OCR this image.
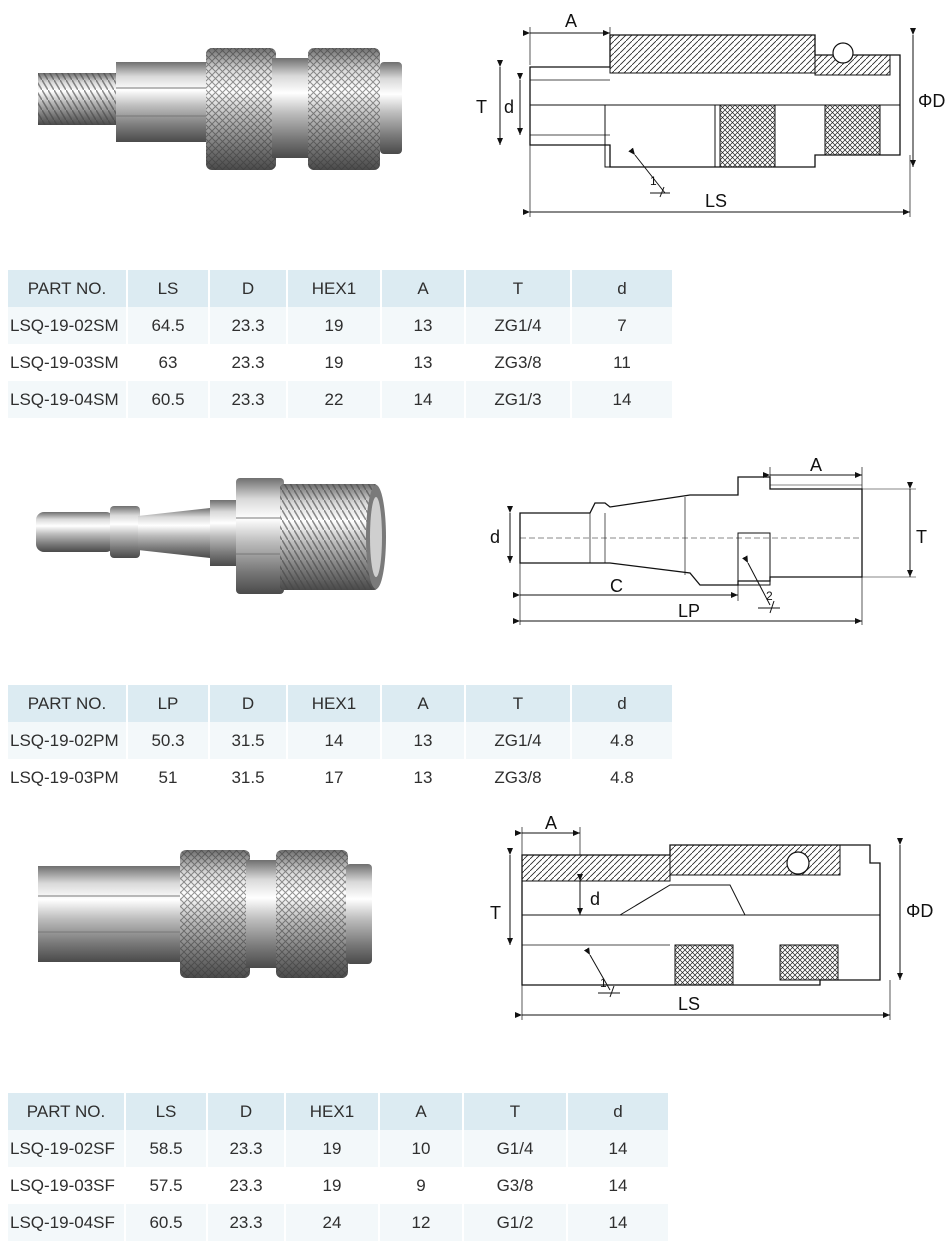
A
T d	ΦD
LS
1
PART NO.	LS	D	HEX1	A	T	d
LSQ-19-02SM	64.5	23.3	19	13	ZG1/4	7
LSQ-19-03SM	63	23.3	19	13	ZG3/8	11
LSQ-19-04SM	60.5	23.3	22	14	ZG1/3	14
A
T
d
C
LP
2
PART NO.	LP	D	HEX1	A	T	d
LSQ-19-02PM	50.3	31.5	14	13	ZG1/4	4.8
LSQ-19-03PM	51	31.5	17	13	ZG3/8	4.8
A
T
d
ΦD
LS
1
PART NO.	LS	D	HEX1	A	T	d
LSQ-19-02SF	58.5	23.3	19	10	G1/4	14
LSQ-19-03SF	57.5	23.3	19	9	G3/8	14
LSQ-19-04SF	60.5	23.3	24	12	G1/2	14
